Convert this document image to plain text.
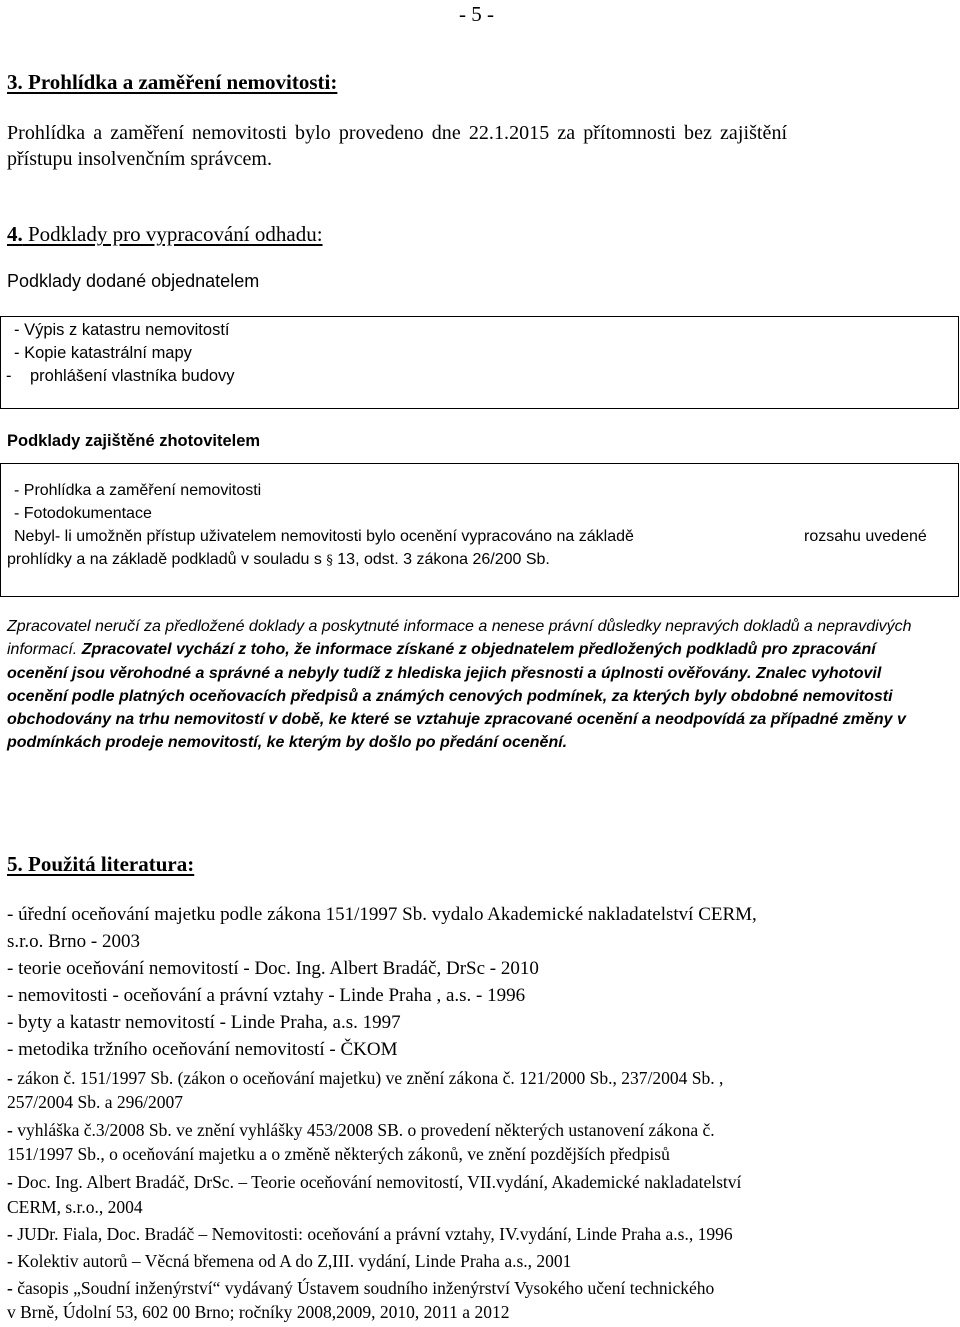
- 5 -
3. Prohlídka a zaměření nemovitosti:
Prohlídka a zaměření nemovitosti bylo provedeno dne 22.1.2015 za přítomnosti bez zajištění
přístupu insolvenčním správcem.
4. Podklady pro vypracování odhadu:
Podklady dodané objednatelem
- Výpis z katastru nemovitostí
- Kopie katastrální mapy
- prohlášení vlastníka budovy
Podklady zajištěné zhotovitelem
- Prohlídka a zaměření nemovitosti
- Fotodokumentace
Nebyl- li umožněn přístup uživatelem nemovitosti bylo ocenění vypracováno na základě	rozsahu uvedené
prohlídky a na základě podkladů v souladu s § 13, odst. 3 zákona 26/200 Sb.
Zpracovatel neručí za předložené doklady a poskytnuté informace a nenese právní důsledky nepravých dokladů a nepravdivých informací. Zpracovatel vychází z toho, že informace získané z objednatelem předložených podkladů pro zpracování ocenění jsou věrohodné a správné a nebyly tudíž z hlediska jejich přesnosti a úplnosti ověřovány. Znalec vyhotovil ocenění podle platných oceňovacích předpisů a známých cenových podmínek, za kterých byly obdobné nemovitosti obchodovány na trhu nemovitostí v době, ke které se vztahuje zpracované ocenění a neodpovídá za případné změny v podmínkách prodeje nemovitostí, ke kterým by došlo po předání ocenění.
5. Použitá literatura:
- úřední oceňování majetku podle zákona 151/1997 Sb. vydalo Akademické nakladatelství CERM,
s.r.o. Brno - 2003
- teorie oceňování nemovitostí - Doc. Ing. Albert Bradáč, DrSc - 2010
- nemovitosti - oceňování a právní vztahy - Linde Praha , a.s. - 1996
- byty a katastr nemovitostí - Linde Praha, a.s. 1997
- metodika tržního oceňování nemovitostí - ČKOM
- zákon č. 151/1997 Sb. (zákon o oceňování majetku) ve znění zákona č. 121/2000 Sb., 237/2004 Sb. ,
257/2004 Sb. a 296/2007
- vyhláška č.3/2008 Sb. ve znění vyhlášky 453/2008 SB. o provedení některých ustanovení zákona č.
151/1997 Sb., o oceňování majetku a o změně některých zákonů, ve znění pozdějších předpisů
- Doc. Ing. Albert Bradáč, DrSc. – Teorie oceňování nemovitostí, VII.vydání, Akademické nakladatelství
CERM, s.r.o., 2004
- JUDr. Fiala, Doc. Bradáč – Nemovitosti: oceňování a právní vztahy, IV.vydání, Linde Praha a.s., 1996
- Kolektiv autorů – Věcná břemena od A do Z,III. vydání, Linde Praha a.s., 2001
- časopis „Soudní inženýrství“ vydávaný Ústavem soudního inženýrství Vysokého učení technického
v Brně, Údolní 53, 602 00 Brno; ročníky 2008,2009, 2010, 2011 a 2012
